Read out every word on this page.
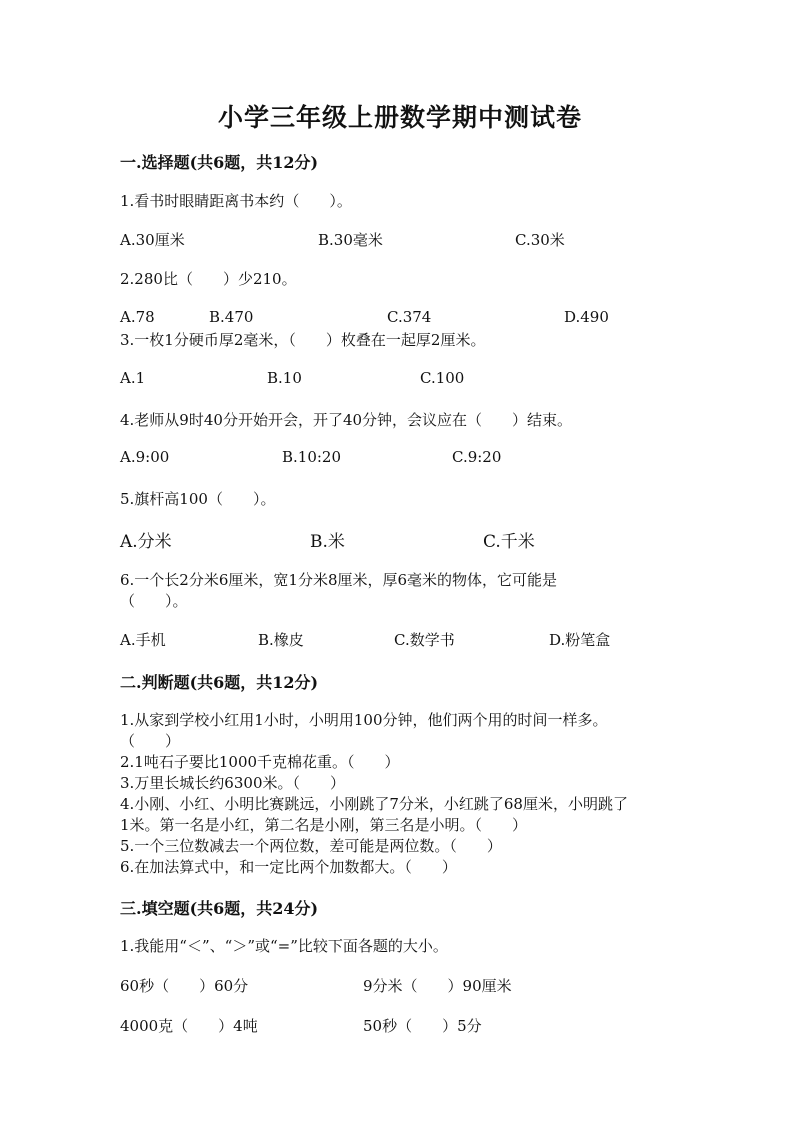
小学三年级上册数学期中测试卷
一.选择题(共6题，共12分)
1.看书时眼睛距离书本约（　　）。
A.30厘米	B.30毫米	C.30米
2.280比（　　）少210。
A.78	B.470	C.374	D.490
3.一枚1分硬币厚2毫米，（　　）枚叠在一起厚2厘米。
A.1	B.10	C.100
4.老师从9时40分开始开会，开了40分钟，会议应在（　　）结束。
A.9:00	B.10:20	C.9:20
5.旗杆高100（　　）。
A.分米	B.米	C.千米
6.一个长2分米6厘米，宽1分米8厘米，厚6毫米的物体，它可能是
（　　）。
A.手机	B.橡皮	C.数学书	D.粉笔盒
二.判断题(共6题，共12分)
1.从家到学校小红用1小时，小明用100分钟，他们两个用的时间一样多。
（　　）
2.1吨石子要比1000千克棉花重。（　　）
3.万里长城长约6300米。（　　）
4.小刚、小红、小明比赛跳远，小刚跳了7分米，小红跳了68厘米，小明跳了
1米。第一名是小红，第二名是小刚，第三名是小明。（　　）
5.一个三位数减去一个两位数，差可能是两位数。（　　）
6.在加法算式中，和一定比两个加数都大。（　　）
三.填空题(共6题，共24分)
1.我能用“＜”、“＞”或“=”比较下面各题的大小。
60秒（　　）60分	9分米（　　）90厘米
4000克（　　）4吨	50秒（　　）5分
